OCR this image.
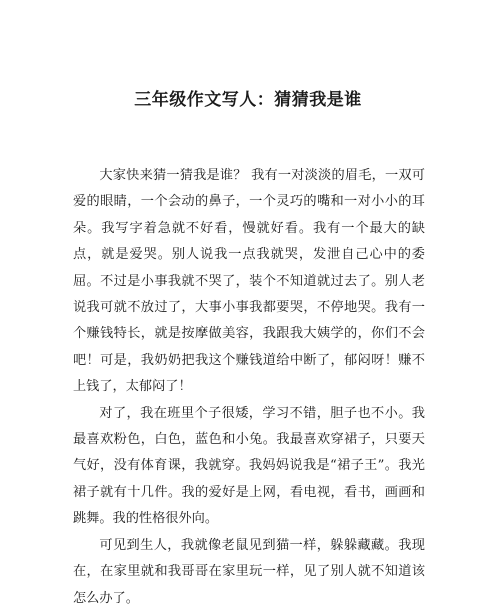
三年级作文写人：猜猜我是谁

大家快来猜一猜我是谁？ 我有一对淡淡的眉毛，一双可爱的眼睛，一个会动的鼻子，一个灵巧的嘴和一对小小的耳朵。我写字着急就不好看，慢就好看。我有一个最大的缺点，就是爱哭。别人说我一点我就哭，发泄自己心中的委屈。不过是小事我就不哭了，装个不知道就过去了。别人老说我可就不放过了，大事小事我都要哭，不停地哭。我有一个赚钱特长，就是按摩做美容，我跟我大姨学的，你们不会吧！可是，我奶奶把我这个赚钱道给中断了，郁闷呀！赚不上钱了，太郁闷了！

对了，我在班里个子很矮，学习不错，胆子也不小。我最喜欢粉色，白色，蓝色和小兔。我最喜欢穿裙子，只要天气好，没有体育课，我就穿。我妈妈说我是“裙子王”。我光裙子就有十几件。我的爱好是上网，看电视，看书，画画和跳舞。我的性格很外向。

可见到生人，我就像老鼠见到猫一样，躲躲藏藏。我现在，在家里就和我哥哥在家里玩一样，见了别人就不知道该怎么办了。
